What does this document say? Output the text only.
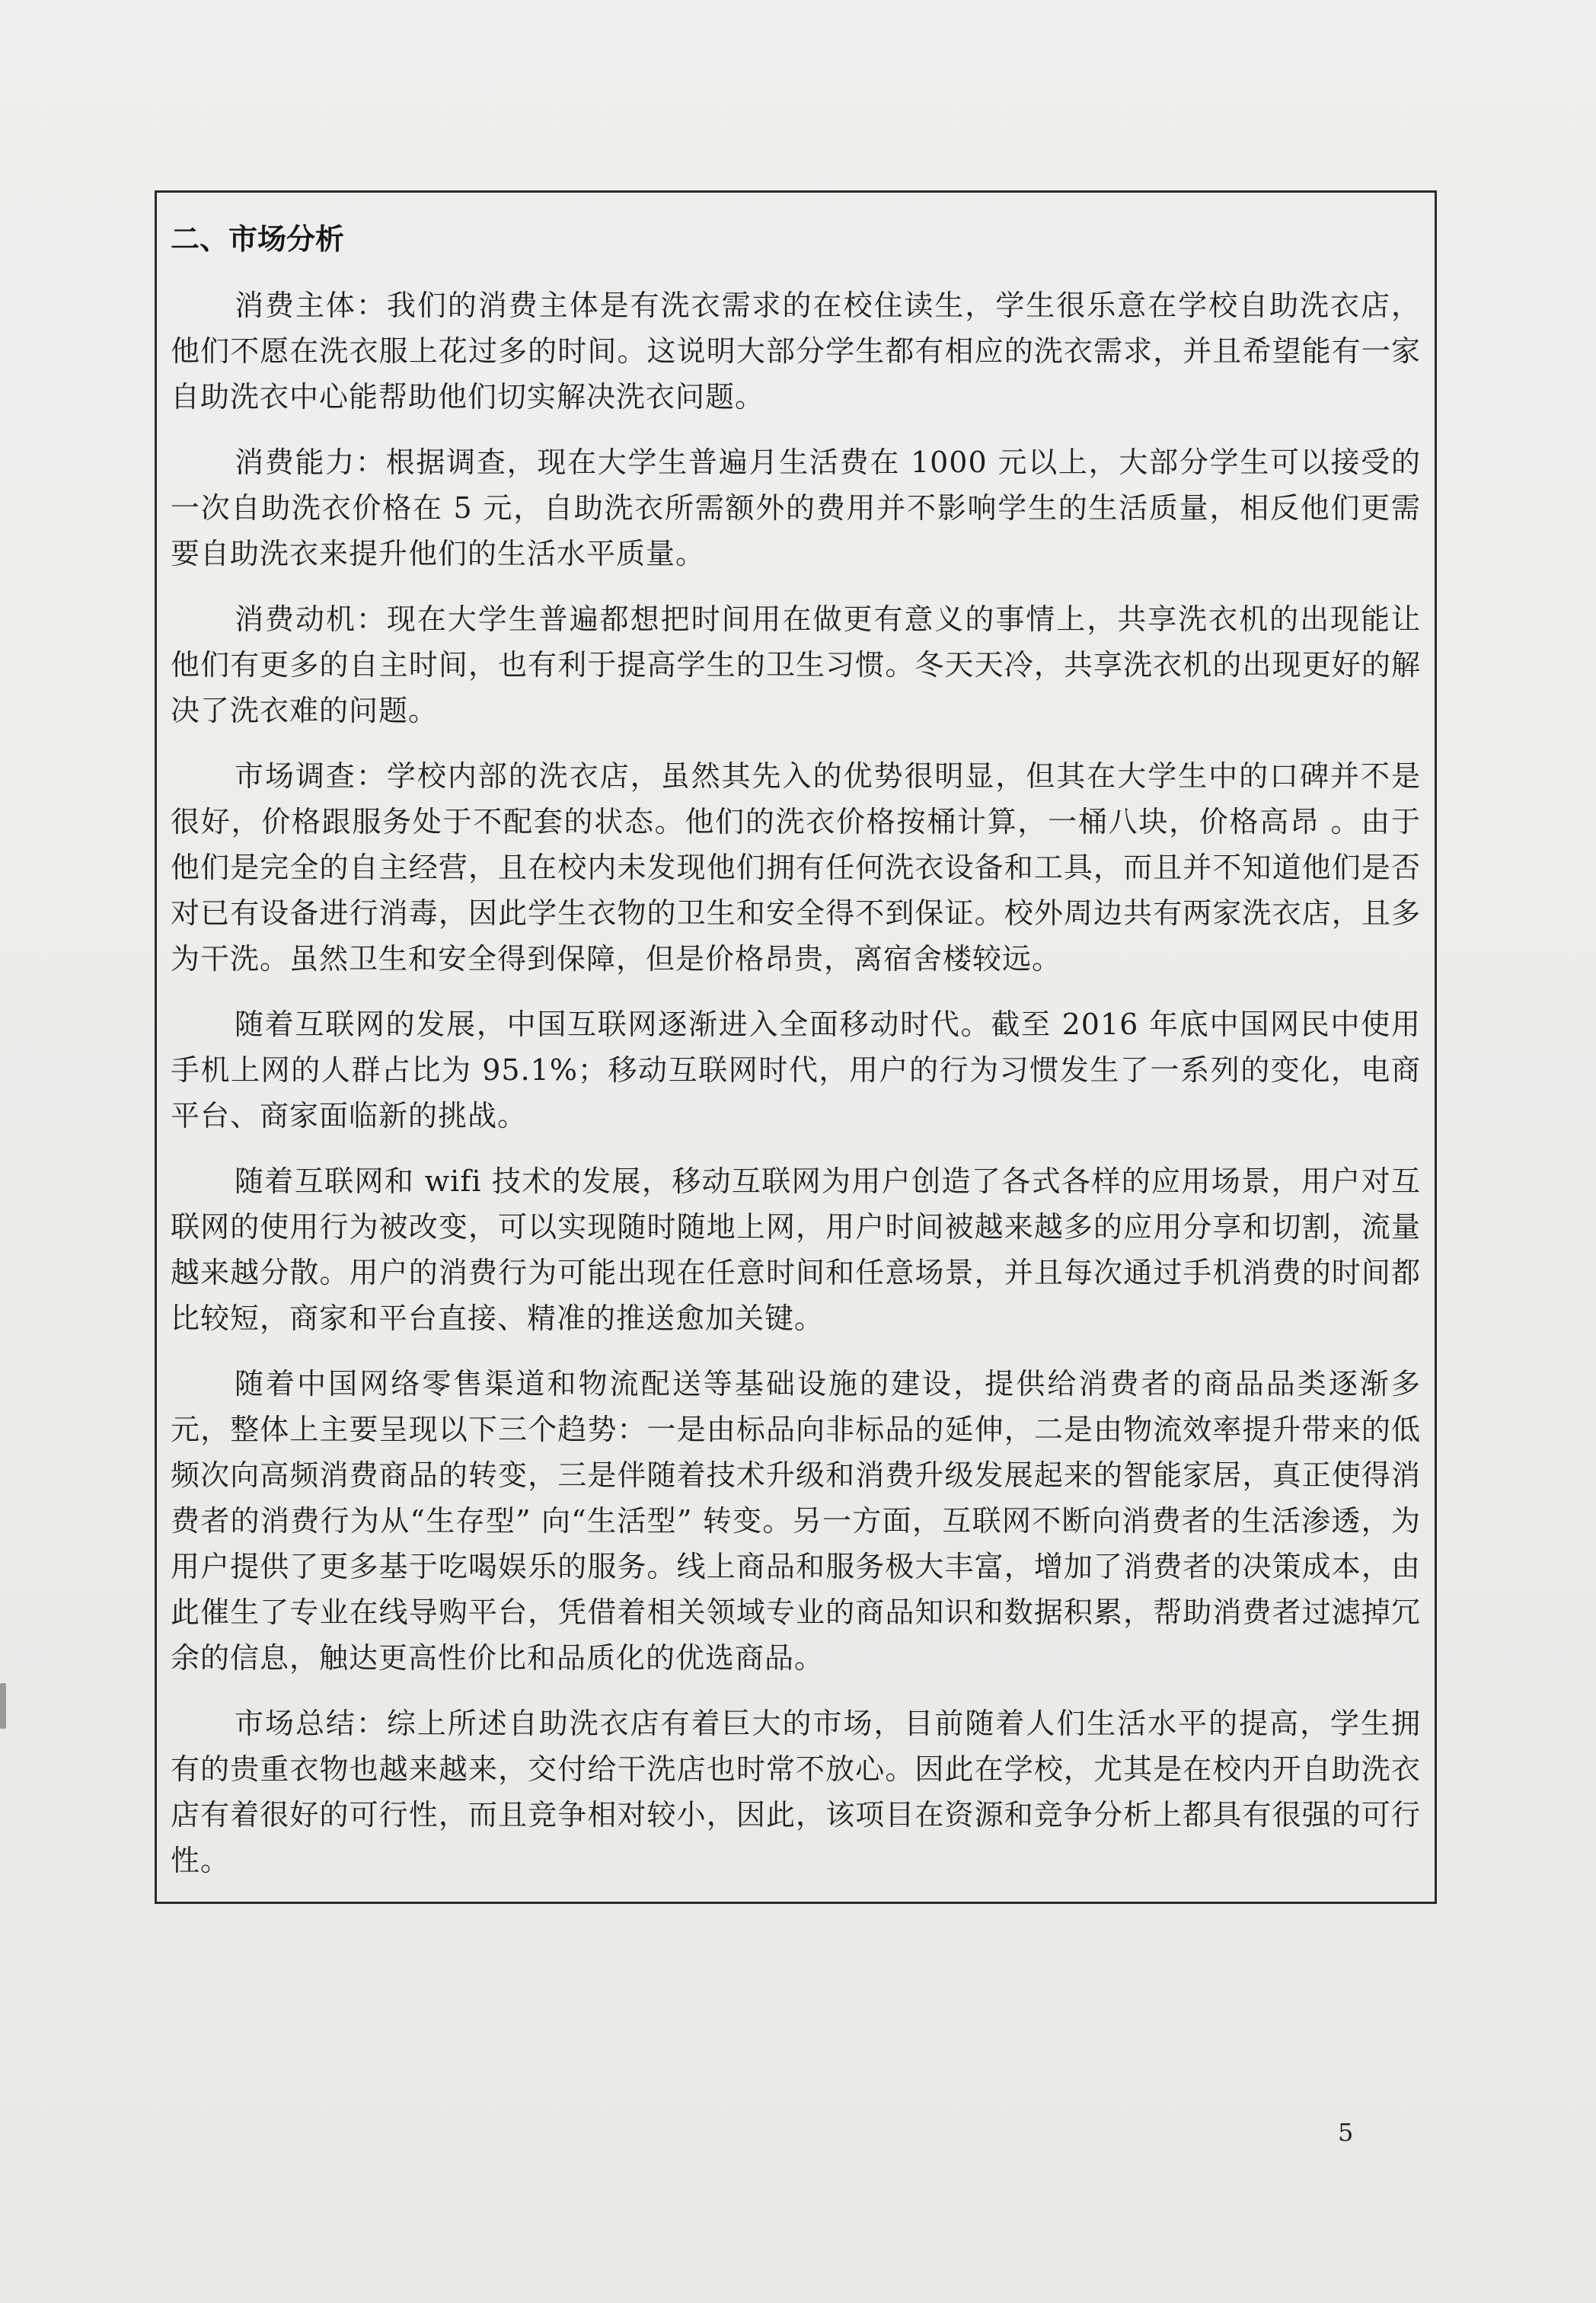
二、市场分析

消费主体：我们的消费主体是有洗衣需求的在校住读生，学生很乐意在学校自助洗衣店，他们不愿在洗衣服上花过多的时间。这说明大部分学生都有相应的洗衣需求，并且希望能有一家自助洗衣中心能帮助他们切实解决洗衣问题。

消费能力：根据调查，现在大学生普遍月生活费在 1000 元以上，大部分学生可以接受的一次自助洗衣价格在 5 元，自助洗衣所需额外的费用并不影响学生的生活质量，相反他们更需要自助洗衣来提升他们的生活水平质量。

消费动机：现在大学生普遍都想把时间用在做更有意义的事情上，共享洗衣机的出现能让他们有更多的自主时间，也有利于提高学生的卫生习惯。冬天天冷，共享洗衣机的出现更好的解决了洗衣难的问题。

市场调查：学校内部的洗衣店，虽然其先入的优势很明显，但其在大学生中的口碑并不是很好，价格跟服务处于不配套的状态。他们的洗衣价格按桶计算，一桶八块，价格高昂 。由于他们是完全的自主经营，且在校内未发现他们拥有任何洗衣设备和工具，而且并不知道他们是否对已有设备进行消毒，因此学生衣物的卫生和安全得不到保证。校外周边共有两家洗衣店，且多为干洗。虽然卫生和安全得到保障，但是价格昂贵，离宿舍楼较远。

随着互联网的发展，中国互联网逐渐进入全面移动时代。截至 2016 年底中国网民中使用手机上网的人群占比为 95.1%；移动互联网时代，用户的行为习惯发生了一系列的变化，电商平台、商家面临新的挑战。

随着互联网和 wifi 技术的发展，移动互联网为用户创造了各式各样的应用场景，用户对互联网的使用行为被改变，可以实现随时随地上网，用户时间被越来越多的应用分享和切割，流量越来越分散。用户的消费行为可能出现在任意时间和任意场景，并且每次通过手机消费的时间都比较短，商家和平台直接、精准的推送愈加关键。

随着中国网络零售渠道和物流配送等基础设施的建设，提供给消费者的商品品类逐渐多元，整体上主要呈现以下三个趋势：一是由标品向非标品的延伸，二是由物流效率提升带来的低频次向高频消费商品的转变，三是伴随着技术升级和消费升级发展起来的智能家居，真正使得消费者的消费行为从“生存型” 向“生活型” 转变。另一方面，互联网不断向消费者的生活渗透，为用户提供了更多基于吃喝娱乐的服务。线上商品和服务极大丰富，增加了消费者的决策成本，由此催生了专业在线导购平台，凭借着相关领域专业的商品知识和数据积累，帮助消费者过滤掉冗余的信息，触达更高性价比和品质化的优选商品。

市场总结：综上所述自助洗衣店有着巨大的市场，目前随着人们生活水平的提高，学生拥有的贵重衣物也越来越来，交付给干洗店也时常不放心。因此在学校，尤其是在校内开自助洗衣店有着很好的可行性，而且竞争相对较小，因此，该项目在资源和竞争分析上都具有很强的可行性。

5
